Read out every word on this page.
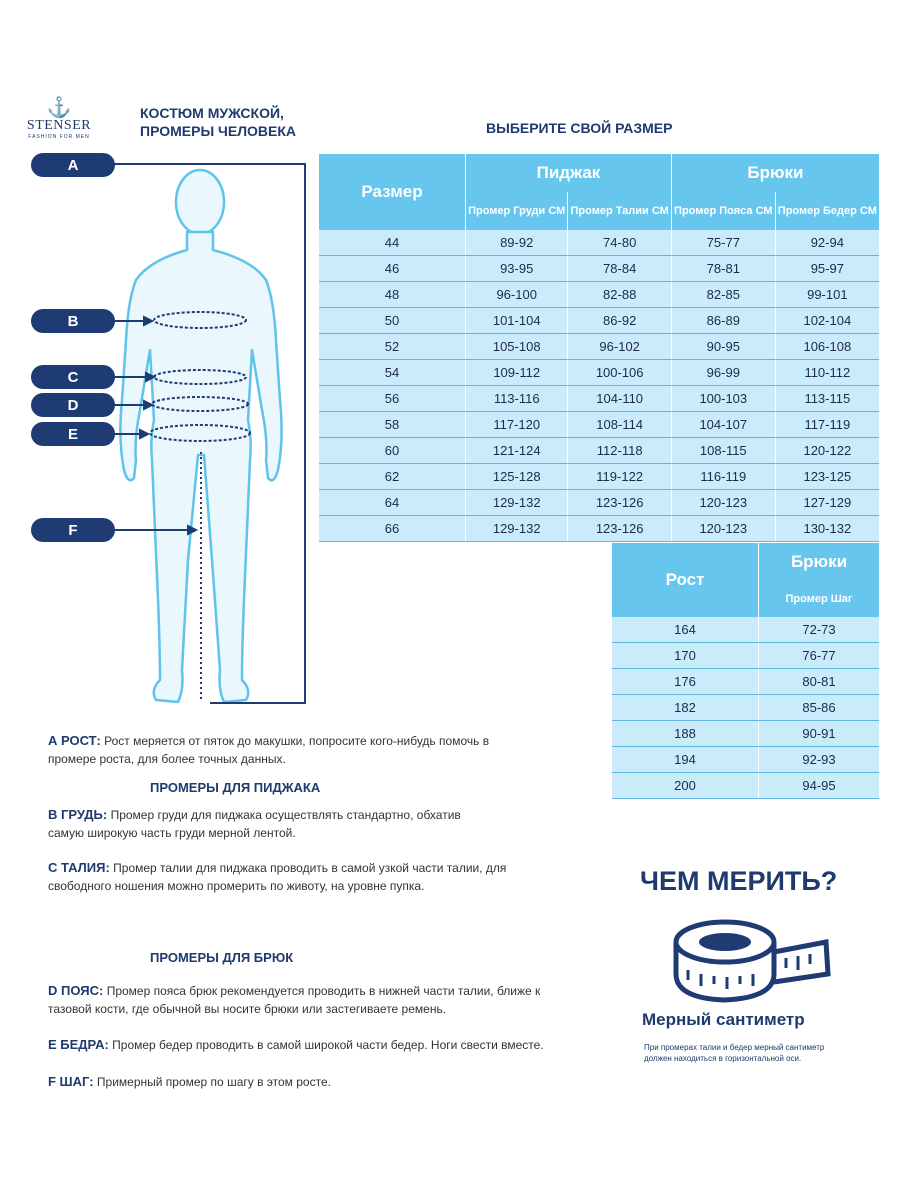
⚓
STENSER
FASHION FOR MEN
КОСТЮМ МУЖСКОЙ,
ПРОМЕРЫ ЧЕЛОВЕКА	ВЫБЕРИТЕ СВОЙ РАЗМЕР
A
B
C
D
E
F
Размер	Пиджак		Брюки	
	Промер Груди СМ	Промер Талии СМ	Промер Пояса СМ	Промер Бедер СМ
44	89-92	74-80	75-77	92-94
46	93-95	78-84	78-81	95-97
48	96-100	82-88	82-85	99-101
50	101-104	86-92	86-89	102-104
52	105-108	96-102	90-95	106-108
54	109-112	100-106	96-99	110-112
56	113-116	104-110	100-103	113-115
58	117-120	108-114	104-107	117-119
60	121-124	112-118	108-115	120-122
62	125-128	119-122	116-119	123-125
64	129-132	123-126	120-123	127-129
66	129-132	123-126	120-123	130-132
Рост	Брюки
	Промер Шаг
164	72-73
170	76-77
176	80-81
182	85-86
188	90-91
194	92-93
200	94-95
А РОСТ: Рост меряется от пяток до макушки, попросите кого-нибудь помочь в промере роста, для более точных данных.
ПРОМЕРЫ ДЛЯ ПИДЖАКА
В ГРУДЬ: Промер груди для пиджака осуществлять стандартно, обхатив самую широкую часть груди мерной лентой.
С ТАЛИЯ: Промер талии для пиджака проводить в самой узкой части талии, для свободного ношения можно промерить по животу, на уровне пупка.
ПРОМЕРЫ ДЛЯ БРЮК
D ПОЯС: Промер пояса брюк рекомендуется проводить в нижней части талии, ближе к тазовой кости, где обычной вы носите брюки или застегиваете ремень.
Е БЕДРА: Промер бедер проводить в самой широкой части бедер. Ноги свести вместе.
F ШАГ: Примерный промер по шагу в этом росте.
ЧЕМ МЕРИТЬ?
Мерный сантиметр
При промерах талии и бедер мерный сантиметр должен находиться в горизонтальной оси.
